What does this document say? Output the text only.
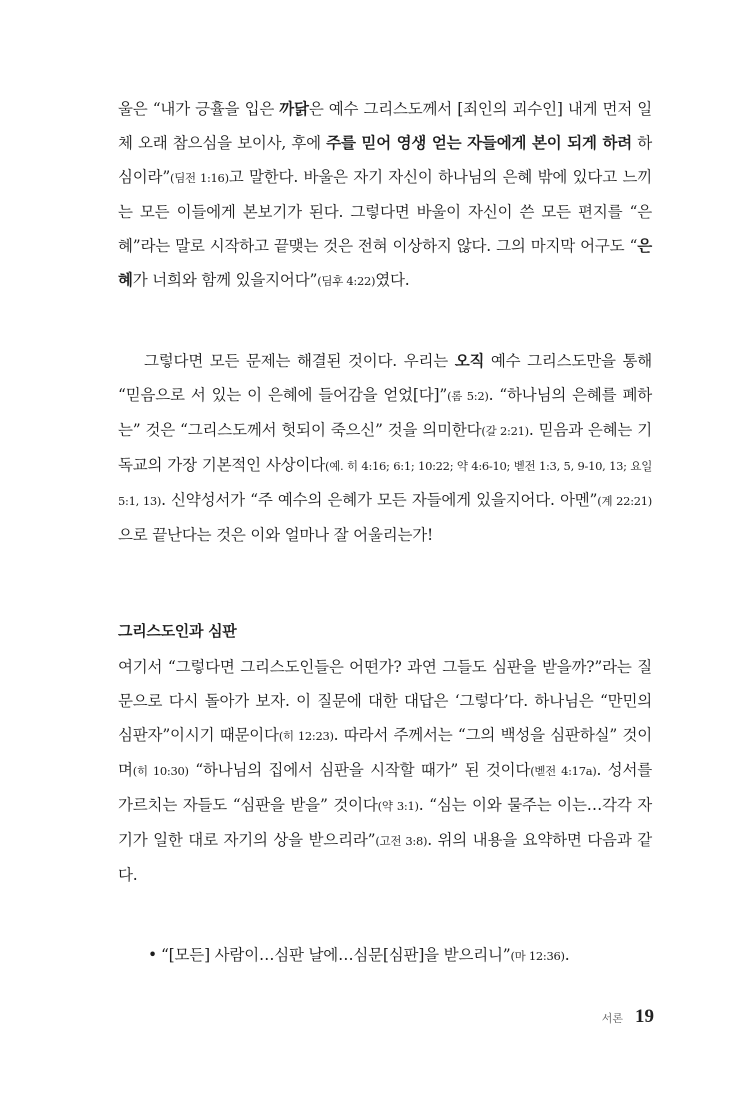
울은 “내가 긍휼을 입은 까닭은 예수 그리스도께서 [죄인의 괴수인] 내게 먼저 일체 오래 참으심을 보이사, 후에 주를 믿어 영생 얻는 자들에게 본이 되게 하려 하심이라”(딤전 1:16)고 말한다. 바울은 자기 자신이 하나님의 은혜 밖에 있다고 느끼는 모든 이들에게 본보기가 된다. 그렇다면 바울이 자신이 쓴 모든 편지를 “은혜”라는 말로 시작하고 끝맺는 것은 전혀 이상하지 않다. 그의 마지막 어구도 “은혜가 너희와 함께 있을지어다”(딤후 4:22)였다.

그렇다면 모든 문제는 해결된 것이다. 우리는 오직 예수 그리스도만을 통해 “믿음으로 서 있는 이 은혜에 들어감을 얻었[다]”(롬 5:2). “하나님의 은혜를 폐하는” 것은 “그리스도께서 헛되이 죽으신” 것을 의미한다(갈 2:21). 믿음과 은혜는 기독교의 가장 기본적인 사상이다(예. 히 4:16; 6:1; 10:22; 약 4:6-10; 벧전 1:3, 5, 9-10, 13; 요일 5:1, 13). 신약성서가 “주 예수의 은혜가 모든 자들에게 있을지어다. 아멘”(계 22:21)으로 끝난다는 것은 이와 얼마나 잘 어울리는가!

그리스도인과 심판

여기서 “그렇다면 그리스도인들은 어떤가? 과연 그들도 심판을 받을까?”라는 질문으로 다시 돌아가 보자. 이 질문에 대한 대답은 ‘그렇다’다. 하나님은 “만민의 심판자”이시기 때문이다(히 12:23). 따라서 주께서는 “그의 백성을 심판하실” 것이며(히 10:30) “하나님의 집에서 심판을 시작할 때가” 된 것이다(벧전 4:17a). 성서를 가르치는 자들도 “심판을 받을” 것이다(약 3:1). “심는 이와 물주는 이는…각각 자기가 일한 대로 자기의 상을 받으리라”(고전 3:8). 위의 내용을 요약하면 다음과 같다.

• “[모든] 사람이…심판 날에…심문[심판]을 받으리니”(마 12:36).
서론 19
